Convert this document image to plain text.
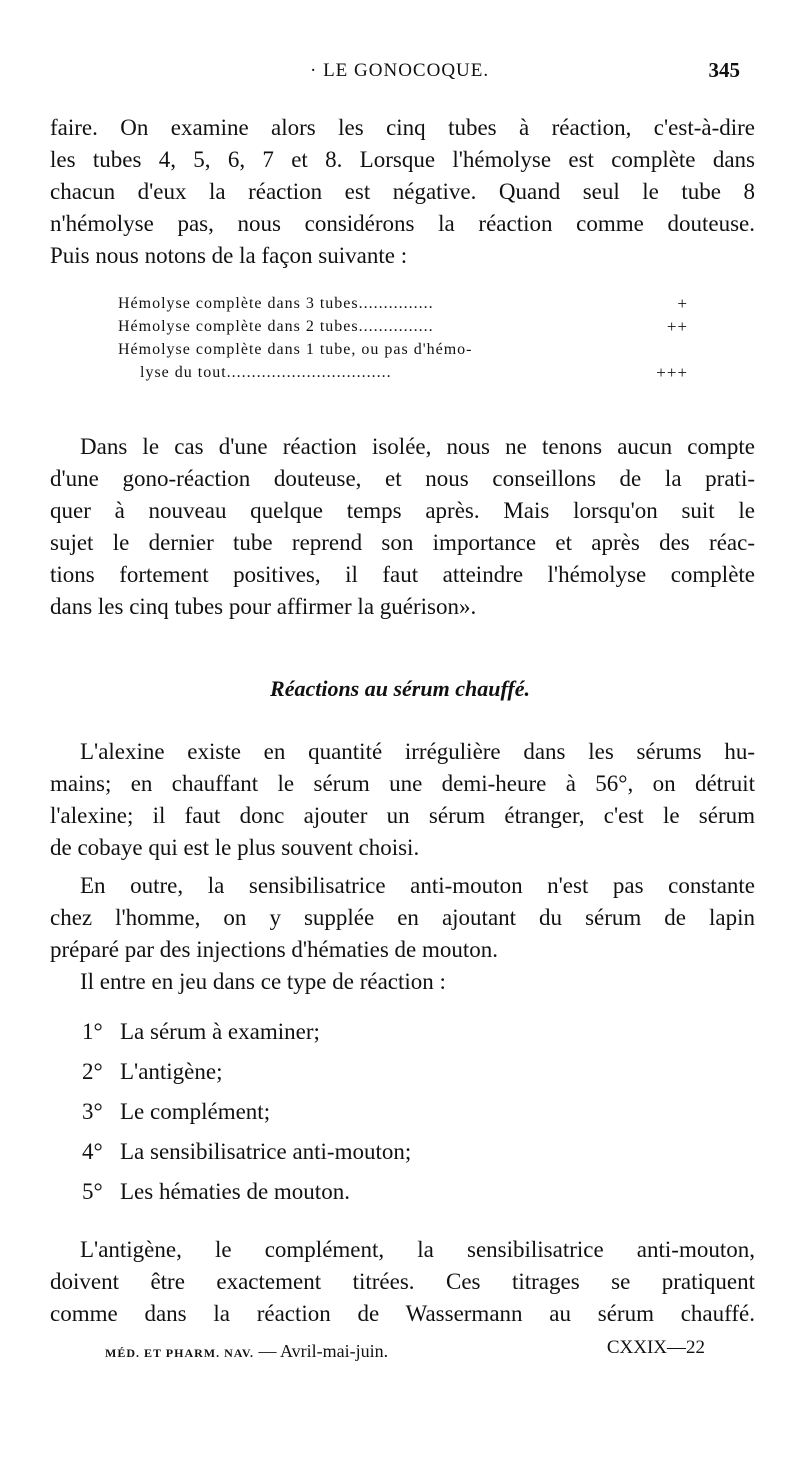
· LE GONOCOQUE.	345
faire. On examine alors les cinq tubes à réaction, c'est-à-dire
les tubes 4, 5, 6, 7 et 8. Lorsque l'hémolyse est complète dans
chacun d'eux la réaction est négative. Quand seul le tube 8
n'hémolyse pas, nous considérons la réaction comme douteuse.
Puis nous notons de la façon suivante :
Hémolyse complète dans 3 tubes...............	+
Hémolyse complète dans 2 tubes...............	++
Hémolyse complète dans 1 tube, ou pas d'hémo-
lyse du tout.................................	+++
Dans le cas d'une réaction isolée, nous ne tenons aucun compte
d'une gono-réaction douteuse, et nous conseillons de la prati-
quer à nouveau quelque temps après. Mais lorsqu'on suit le
sujet le dernier tube reprend son importance et après des réac-
tions fortement positives, il faut atteindre l'hémolyse complète
dans les cinq tubes pour affirmer la guérison».
Réactions au sérum chauffé.
L'alexine existe en quantité irrégulière dans les sérums hu-
mains; en chauffant le sérum une demi-heure à 56°, on détruit
l'alexine; il faut donc ajouter un sérum étranger, c'est le sérum
de cobaye qui est le plus souvent choisi.
En outre, la sensibilisatrice anti-mouton n'est pas constante
chez l'homme, on y supplée en ajoutant du sérum de lapin
préparé par des injections d'hématies de mouton.
Il entre en jeu dans ce type de réaction :
1° La sérum à examiner;
2° L'antigène;
3° Le complément;
4° La sensibilisatrice anti-mouton;
5° Les hématies de mouton.
L'antigène, le complément, la sensibilisatrice anti-mouton,
doivent être exactement titrées. Ces titrages se pratiquent
comme dans la réaction de Wassermann au sérum chauffé.
MÉD. ET PHARM. NAV. — Avril-mai-juin.	CXXIX—22
